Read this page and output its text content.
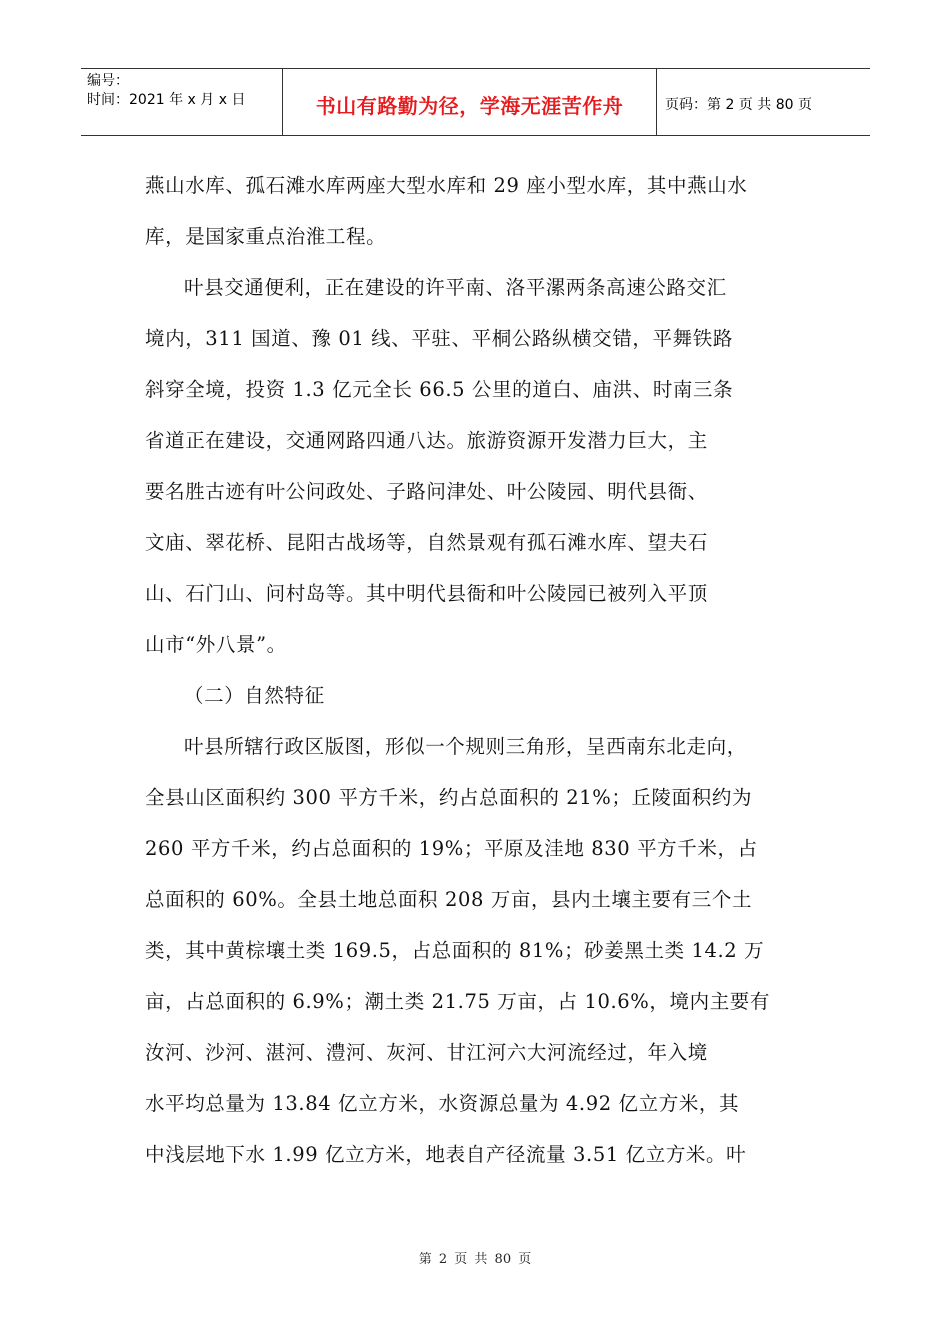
编号：
时间：2021 年 x 月 x 日	书山有路勤为径，学海无涯苦作舟	页码：第 2 页 共 80 页
燕山水库、孤石滩水库两座大型水库和 29 座小型水库，其中燕山水
库，是国家重点治淮工程。
叶县交通便利，正在建设的许平南、洛平漯两条高速公路交汇
境内，311 国道、豫 01 线、平驻、平桐公路纵横交错，平舞铁路
斜穿全境，投资 1.3 亿元全长 66.5 公里的道白、庙洪、时南三条
省道正在建设，交通网路四通八达。旅游资源开发潜力巨大，主
要名胜古迹有叶公问政处、子路问津处、叶公陵园、明代县衙、
文庙、翠花桥、昆阳古战场等，自然景观有孤石滩水库、望夫石
山、石门山、问村岛等。其中明代县衙和叶公陵园已被列入平顶
山市“外八景”。
（二）自然特征
叶县所辖行政区版图，形似一个规则三角形，呈西南东北走向，
全县山区面积约 300 平方千米，约占总面积的 21%；丘陵面积约为
260 平方千米，约占总面积的 19%；平原及洼地 830 平方千米，占
总面积的 60%。全县土地总面积 208 万亩，县内土壤主要有三个土
类，其中黄棕壤土类 169.5，占总面积的 81%；砂姜黑土类 14.2 万
亩，占总面积的 6.9%；潮土类 21.75 万亩，占 10.6%，境内主要有
汝河、沙河、湛河、澧河、灰河、甘江河六大河流经过，年入境
水平均总量为 13.84 亿立方米，水资源总量为 4.92 亿立方米，其
中浅层地下水 1.99 亿立方米，地表自产径流量 3.51 亿立方米。叶
第 2 页 共 80 页
